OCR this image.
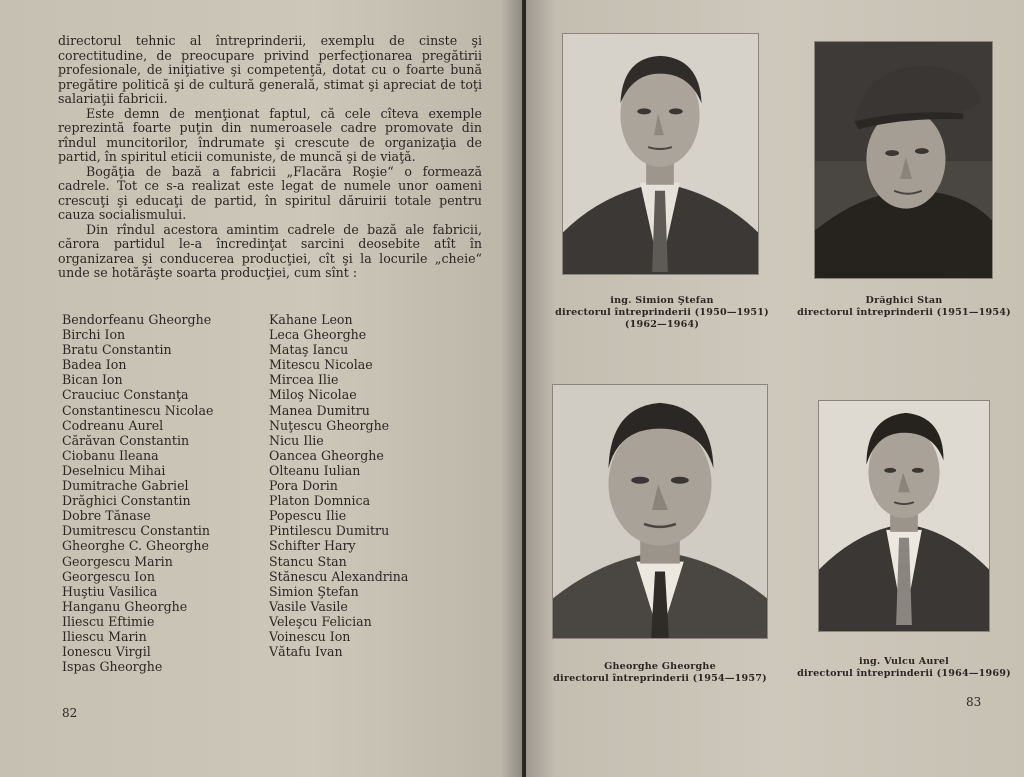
directorul tehnic al întreprinderii, exemplu de cinste şi corectitudine, de preocupare privind perfecţionarea pregătirii profesionale, de iniţiative şi competenţă, dotat cu o foarte bună pregătire politică şi de cultură generală, stimat şi apreciat de toţi salariaţii fabricii.

Este demn de menţionat faptul, că cele cîteva exemple reprezintă foarte puţin din numeroasele cadre promovate din rîndul muncitorilor, îndrumate şi crescute de organizaţia de partid, în spiritul eticii comuniste, de muncă şi de viaţă.

Bogăţia de bază a fabricii „Flacăra Roşie“ o formează cadrele. Tot ce s-a realizat este legat de numele unor oameni crescuţi şi educaţi de partid, în spiritul dăruirii totale pentru cauza socialismului.

Din rîndul acestora amintim cadrele de bază ale fabricii, cărora partidul le-a încredinţat sarcini deosebite atît în organizarea şi conducerea producţiei, cît şi la locurile „cheie“ unde se hotărăşte soarta producţiei, cum sînt :

Bendorfeanu Gheorghe
Birchi Ion
Bratu Constantin
Badea Ion
Bican Ion
Crauciuc Constanţa
Constantinescu Nicolae
Codreanu Aurel
Cărăvan Constantin
Ciobanu Ileana
Deselnicu Mihai
Dumitrache Gabriel
Drăghici Constantin
Dobre Tănase
Dumitrescu Constantin
Gheorghe C. Gheorghe
Georgescu Marin
Georgescu Ion
Huştiu Vasilica
Hanganu Gheorghe
Iliescu Eftimie
Iliescu Marin
Ionescu Virgil
Ispas Gheorghe
Kahane Leon
Leca Gheorghe
Mataş Iancu
Mitescu Nicolae
Mircea Ilie
Miloş Nicolae
Manea Dumitru
Nuţescu Gheorghe
Nicu Ilie
Oancea Gheorghe
Olteanu Iulian
Pora Dorin
Platon Domnica
Popescu Ilie
Pintilescu Dumitru
Schifter Hary
Stancu Stan
Stănescu Alexandrina
Simion Ştefan
Vasile Vasile
Veleşcu Felician
Voinescu Ion
Vătafu Ivan
82
ing. Simion Ştefan
directorul întreprinderii (1950—1951)
(1962—1964)
Drăghici Stan
directorul întreprinderii (1951—1954)
Gheorghe Gheorghe
directorul întreprinderii (1954—1957)
ing. Vulcu Aurel
directorul întreprinderii (1964—1969)
83
